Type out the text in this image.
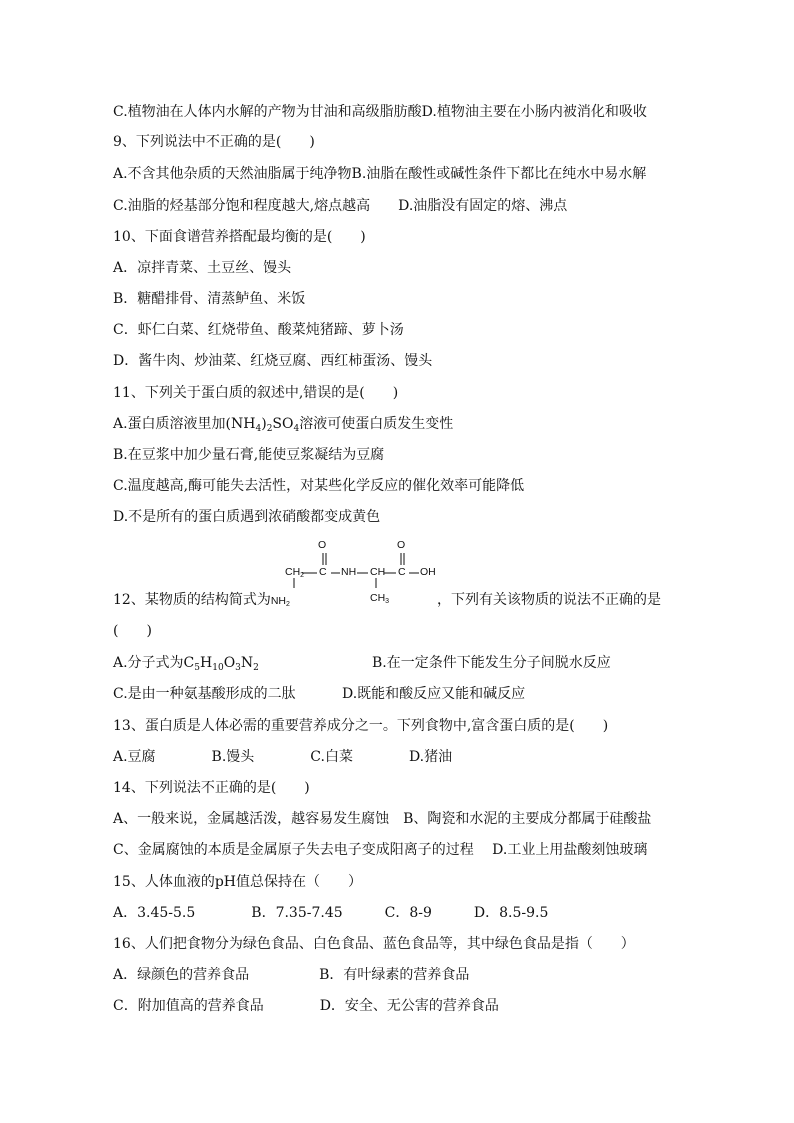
C.植物油在人体内水解的产物为甘油和高级脂肪酸D.植物油主要在小肠内被消化和吸收
9、下列说法中不正确的是(　　)
A.不含其他杂质的天然油脂属于纯净物B.油脂在酸性或碱性条件下都比在纯水中易水解
C.油脂的烃基部分饱和程度越大,熔点越高　　D.油脂没有固定的熔、沸点
10、下面食谱营养搭配最均衡的是(　　)
A．凉拌青菜、土豆丝、馒头
B．糖醋排骨、清蒸鲈鱼、米饭
C．虾仁白菜、红烧带鱼、酸菜炖猪蹄、萝卜汤
D．酱牛肉、炒油菜、红烧豆腐、西红柿蛋汤、馒头
11、下列关于蛋白质的叙述中,错误的是(　　)
A.蛋白质溶液里加$(NH_4)_2SO_4$溶液可使蛋白质发生变性
B.在豆浆中加少量石膏,能使豆浆凝结为豆腐
C.温度越高,酶可能失去活性，对某些化学反应的催化效率可能降低
D.不是所有的蛋白质遇到浓硝酸都变成黄色
O	O
CH2 C NH CH C OH
CH3
12、某物质的结构简式为NH2	，下列有关该物质的说法不正确的是
(　　)
A.分子式为$C_5H_{10}O_3N_2$	B.在一定条件下能发生分子间脱水反应
C.是由一种氨基酸形成的二肽	D.既能和酸反应又能和碱反应
13、蛋白质是人体必需的重要营养成分之一。下列食物中,富含蛋白质的是(　　)
A.豆腐　　　　B.馒头　　　　C.白菜　　　　D.猪油
14、下列说法不正确的是(　　)
A、一般来说，金属越活泼，越容易发生腐蚀　B、陶瓷和水泥的主要成分都属于硅酸盐
C、金属腐蚀的本质是金属原子失去电子变成阳离子的过程　 D.工业上用盐酸刻蚀玻璃
15、人体血液的pH值总保持在（　　）
A．3.45-5.5　　　　B．7.35-7.45　　　C．8-9　　　D．8.5-9.5
16、人们把食物分为绿色食品、白色食品、蓝色食品等，其中绿色食品是指（　　）
A．绿颜色的营养食品　　　　　B．有叶绿素的营养食品
C．附加值高的营养食品　　　　D．安全、无公害的营养食品
